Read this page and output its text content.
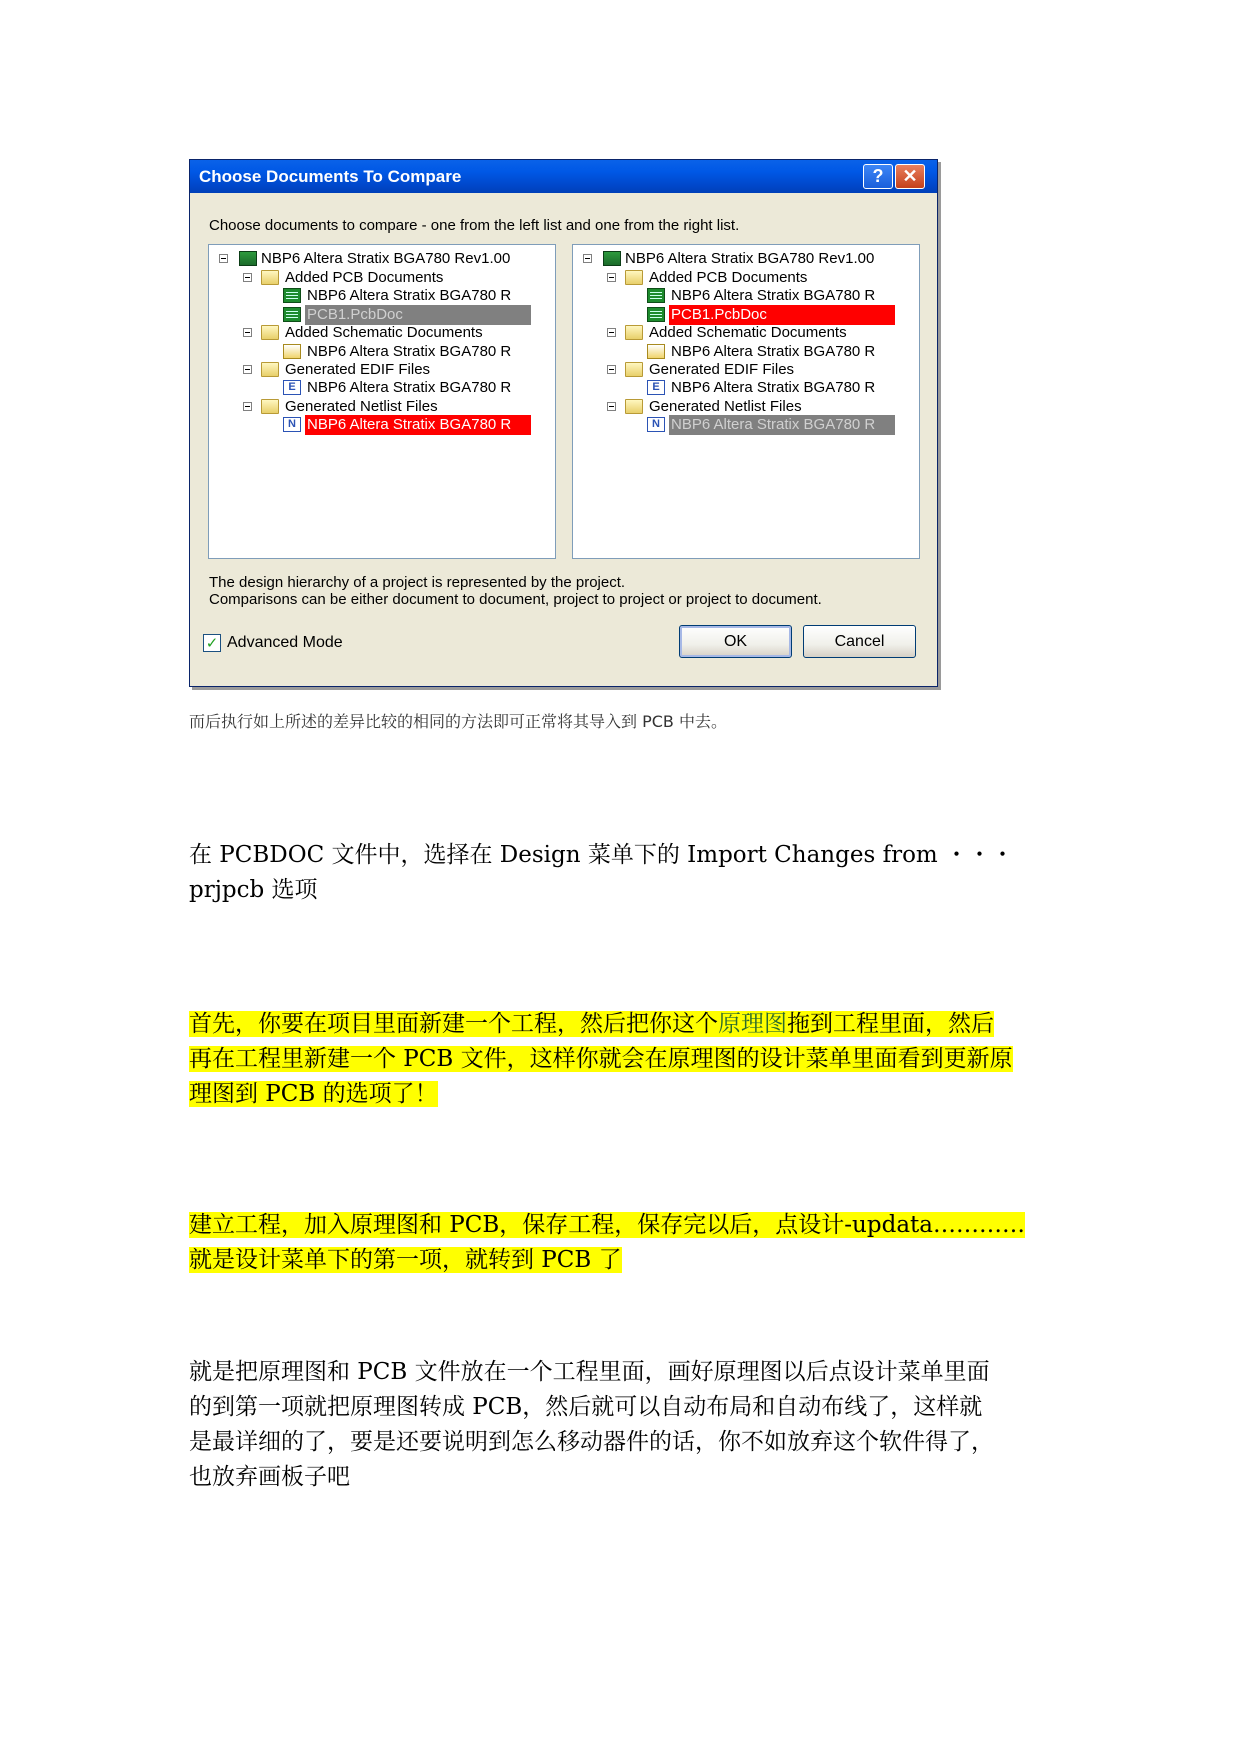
Choose Documents To Compare	?	✕
Choose documents to compare - one from the left list and one from the right list.
NBP6 Altera Stratix BGA780 Rev1.00
Added PCB Documents
NBP6 Altera Stratix BGA780 R
PCB1.PcbDoc
Added Schematic Documents
NBP6 Altera Stratix BGA780 R
Generated EDIF Files
E NBP6 Altera Stratix BGA780 R
Generated Netlist Files
N NBP6 Altera Stratix BGA780 R
NBP6 Altera Stratix BGA780 Rev1.00
Added PCB Documents
NBP6 Altera Stratix BGA780 R
PCB1.PcbDoc
Added Schematic Documents
NBP6 Altera Stratix BGA780 R
Generated EDIF Files
E NBP6 Altera Stratix BGA780 R
Generated Netlist Files
N NBP6 Altera Stratix BGA780 R
The design hierarchy of a project is represented by the project.
Comparisons can be either document to document, project to project or project to document.
✓ Advanced Mode	OK	Cancel
而后执行如上所述的差异比较的相同的方法即可正常将其导入到 PCB 中去。
在 PCBDOC 文件中，选择在 Design 菜单下的 Import Changes from ・・・prjpcb 选项
首先，你要在项目里面新建一个工程，然后把你这个原理图拖到工程里面，然后
再在工程里新建一个 PCB 文件，这样你就会在原理图的设计菜单里面看到更新原
理图到 PCB 的选项了！
建立工程，加入原理图和 PCB，保存工程，保存完以后，点设计-updata…………
就是设计菜单下的第一项，就转到 PCB 了
就是把原理图和 PCB 文件放在一个工程里面，画好原理图以后点设计菜单里面
的到第一项就把原理图转成 PCB，然后就可以自动布局和自动布线了，这样就
是最详细的了，要是还要说明到怎么移动器件的话，你不如放弃这个软件得了，
也放弃画板子吧
